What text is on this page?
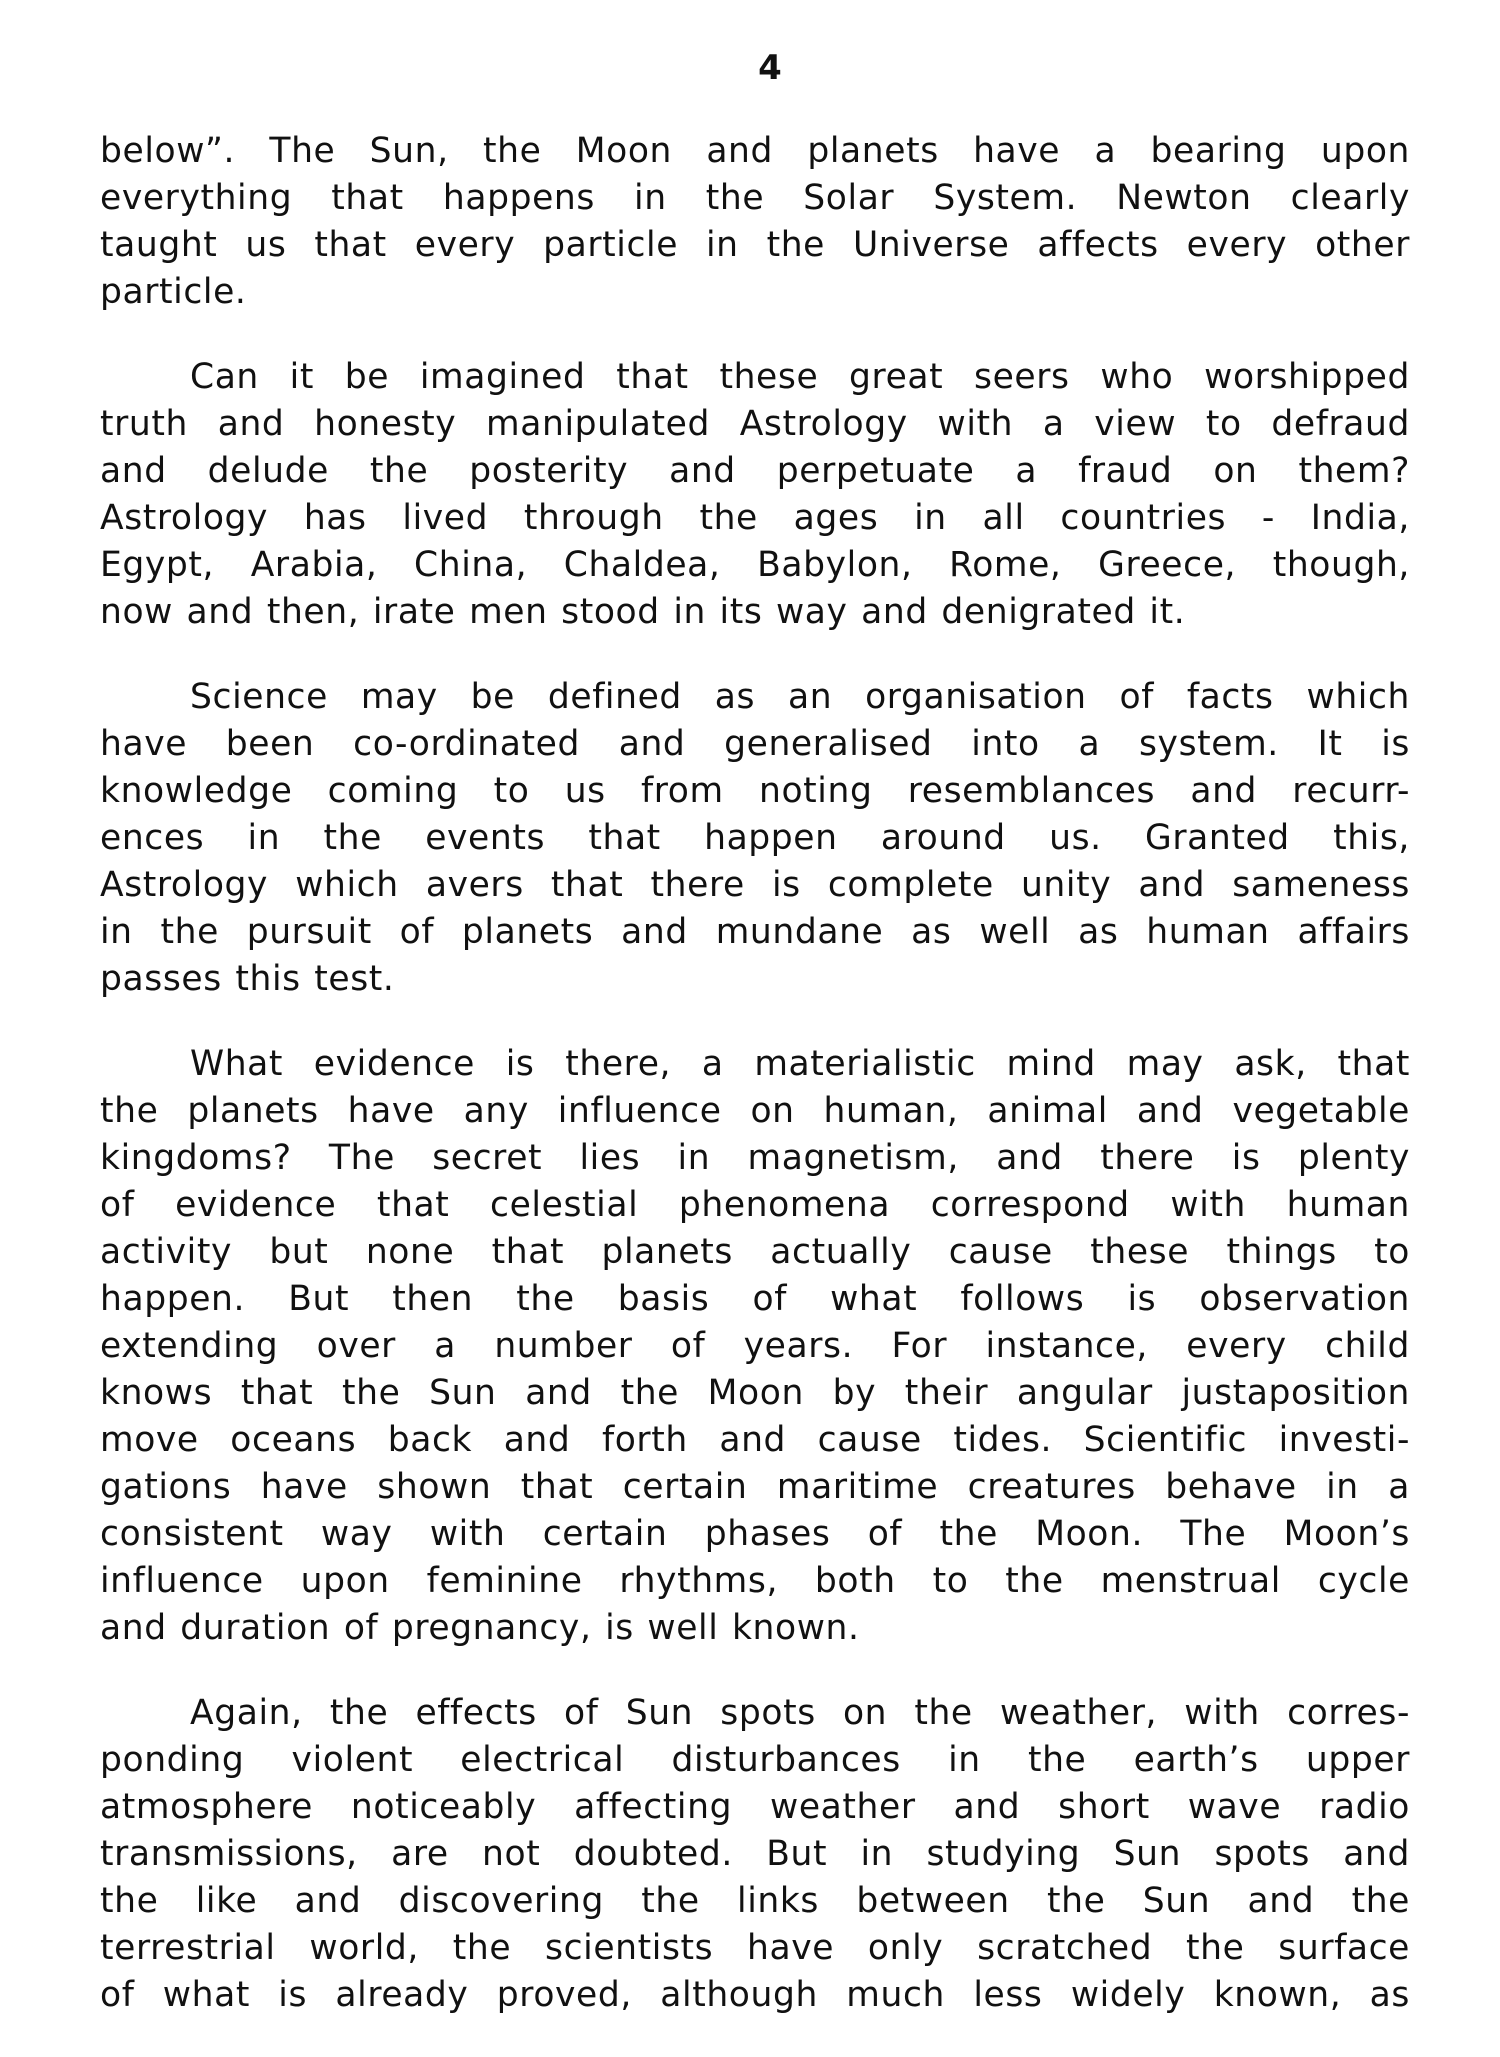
4
below”. The Sun, the Moon and planets have a bearing upon
everything that happens in the Solar System. Newton clearly
taught us that every particle in the Universe affects every other
particle.
Can it be imagined that these great seers who worshipped
truth and honesty manipulated Astrology with a view to defraud
and delude the posterity and perpetuate a fraud on them?
Astrology has lived through the ages in all countries - India,
Egypt, Arabia, China, Chaldea, Babylon, Rome, Greece, though,
now and then, irate men stood in its way and denigrated it.
Science may be defined as an organisation of facts which
have been co-ordinated and generalised into a system. It is
knowledge coming to us from noting resemblances and recurr-
ences in the events that happen around us. Granted this,
Astrology which avers that there is complete unity and sameness
in the pursuit of planets and mundane as well as human affairs
passes this test.
What evidence is there, a materialistic mind may ask, that
the planets have any influence on human, animal and vegetable
kingdoms? The secret lies in magnetism, and there is plenty
of evidence that celestial phenomena correspond with human
activity but none that planets actually cause these things to
happen. But then the basis of what follows is observation
extending over a number of years. For instance, every child
knows that the Sun and the Moon by their angular justaposition
move oceans back and forth and cause tides. Scientific investi-
gations have shown that certain maritime creatures behave in a
consistent way with certain phases of the Moon. The Moon’s
influence upon feminine rhythms, both to the menstrual cycle
and duration of pregnancy, is well known.
Again, the effects of Sun spots on the weather, with corres-
ponding violent electrical disturbances in the earth’s upper
atmosphere noticeably affecting weather and short wave radio
transmissions, are not doubted. But in studying Sun spots and
the like and discovering the links between the Sun and the
terrestrial world, the scientists have only scratched the surface
of what is already proved, although much less widely known, as
